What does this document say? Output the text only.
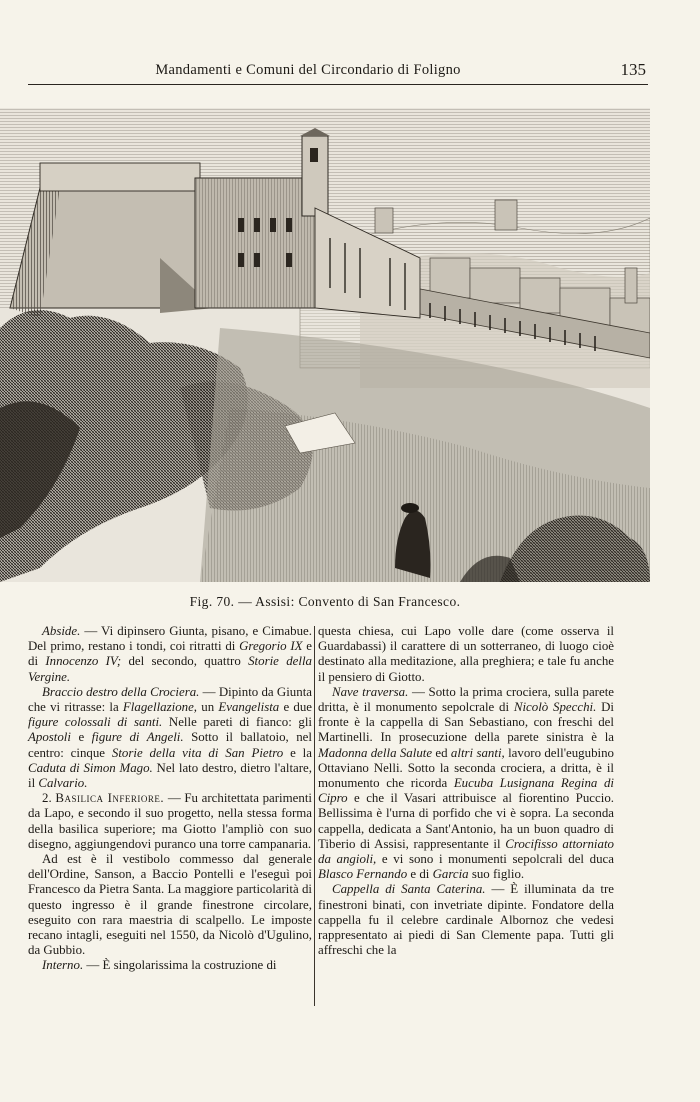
Mandamenti e Comuni del Circondario di Foligno	135
Fig. 70. — Assisi: Convento di San Francesco.

Abside. — Vi dipinsero Giunta, pisano, e Cimabue. Del primo, restano i tondi, coi ritratti di Gregorio IX e di Innocenzo IV; del secondo, quattro Storie della Vergine.

Braccio destro della Crociera. — Dipinto da Giunta che vi ritrasse: la Flagellazione, un Evangelista e due figure colossali di santi. Nelle pareti di fianco: gli Apostoli e figure di Angeli. Sotto il ballatoio, nel centro: cinque Storie della vita di San Pietro e la Caduta di Simon Mago. Nel lato destro, dietro l'altare, il Calvario.

2. Basilica Inferiore. — Fu architettata parimenti da Lapo, e secondo il suo progetto, nella stessa forma della basilica superiore; ma Giotto l'ampliò con suo disegno, aggiungendovi puranco una torre campanaria.

Ad est è il vestibolo commesso dal generale dell'Ordine, Sanson, a Baccio Pontelli e l'eseguì poi Francesco da Pietra Santa. La maggiore particolarità di questo ingresso è il grande finestrone circolare, eseguito con rara maestria di scalpello. Le imposte recano intagli, eseguiti nel 1550, da Nicolò d'Ugulino, da Gubbio.

Interno. — È singolarissima la costruzione di

questa chiesa, cui Lapo volle dare (come osserva il Guardabassi) il carattere di un sotterraneo, di luogo cioè destinato alla meditazione, alla preghiera; e tale fu anche il pensiero di Giotto.

Nave traversa. — Sotto la prima crociera, sulla parete dritta, è il monumento sepolcrale di Nicolò Specchi. Di fronte è la cappella di San Sebastiano, con freschi del Martinelli. In prosecuzione della parete sinistra è la Madonna della Salute ed altri santi, lavoro dell'eugubino Ottaviano Nelli. Sotto la seconda crociera, a dritta, è il monumento che ricorda Eucuba Lusignana Regina di Cipro e che il Vasari attribuisce al fiorentino Puccio. Bellissima è l'urna di porfido che vi è sopra. La seconda cappella, dedicata a Sant'Antonio, ha un buon quadro di Tiberio di Assisi, rappresentante il Crocifisso attorniato da angioli, e vi sono i monumenti sepolcrali del duca Blasco Fernando e di Garcia suo figlio.

Cappella di Santa Caterina. — È illuminata da tre finestroni binati, con invetriate dipinte. Fondatore della cappella fu il celebre cardinale Albornoz che vedesi rappresentato ai piedi di San Clemente papa. Tutti gli affreschi che la
